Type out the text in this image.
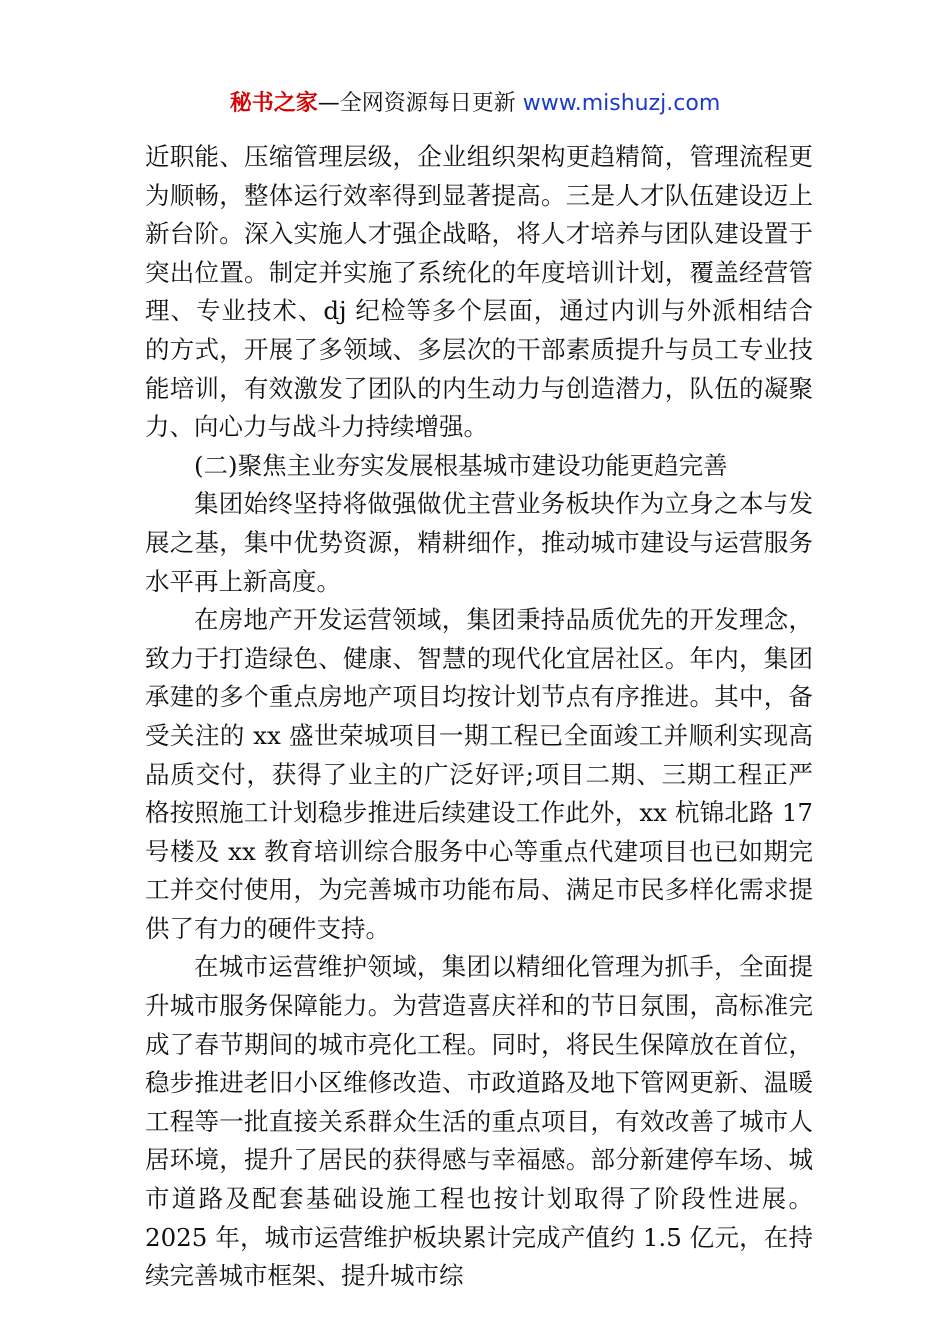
秘书之家—全网资源每日更新 www.mishuzj.com

近职能、压缩管理层级，企业组织架构更趋精简，管理流程更为顺畅，整体运行效率得到显著提高。三是人才队伍建设迈上新台阶。深入实施人才强企战略，将人才培养与团队建设置于突出位置。制定并实施了系统化的年度培训计划，覆盖经营管理、专业技术、dj 纪检等多个层面，通过内训与外派相结合的方式，开展了多领域、多层次的干部素质提升与员工专业技能培训，有效激发了团队的内生动力与创造潜力，队伍的凝聚力、向心力与战斗力持续增强。

(二)聚焦主业夯实发展根基城市建设功能更趋完善

集团始终坚持将做强做优主营业务板块作为立身之本与发展之基，集中优势资源，精耕细作，推动城市建设与运营服务水平再上新高度。

在房地产开发运营领域，集团秉持品质优先的开发理念，致力于打造绿色、健康、智慧的现代化宜居社区。年内，集团承建的多个重点房地产项目均按计划节点有序推进。其中，备受关注的 xx 盛世荣城项目一期工程已全面竣工并顺利实现高品质交付，获得了业主的广泛好评;项目二期、三期工程正严格按照施工计划稳步推进后续建设工作此外，xx 杭锦北路 17 号楼及 xx 教育培训综合服务中心等重点代建项目也已如期完工并交付使用，为完善城市功能布局、满足市民多样化需求提供了有力的硬件支持。

在城市运营维护领域，集团以精细化管理为抓手，全面提升城市服务保障能力。为营造喜庆祥和的节日氛围，高标准完成了春节期间的城市亮化工程。同时，将民生保障放在首位，稳步推进老旧小区维修改造、市政道路及地下管网更新、温暖工程等一批直接关系群众生活的重点项目，有效改善了城市人居环境，提升了居民的获得感与幸福感。部分新建停车场、城市道路及配套基础设施工程也按计划取得了阶段性进展。2025 年，城市运营维护板块累计完成产值约 1.5 亿元，在持续完善城市框架、提升城市综
